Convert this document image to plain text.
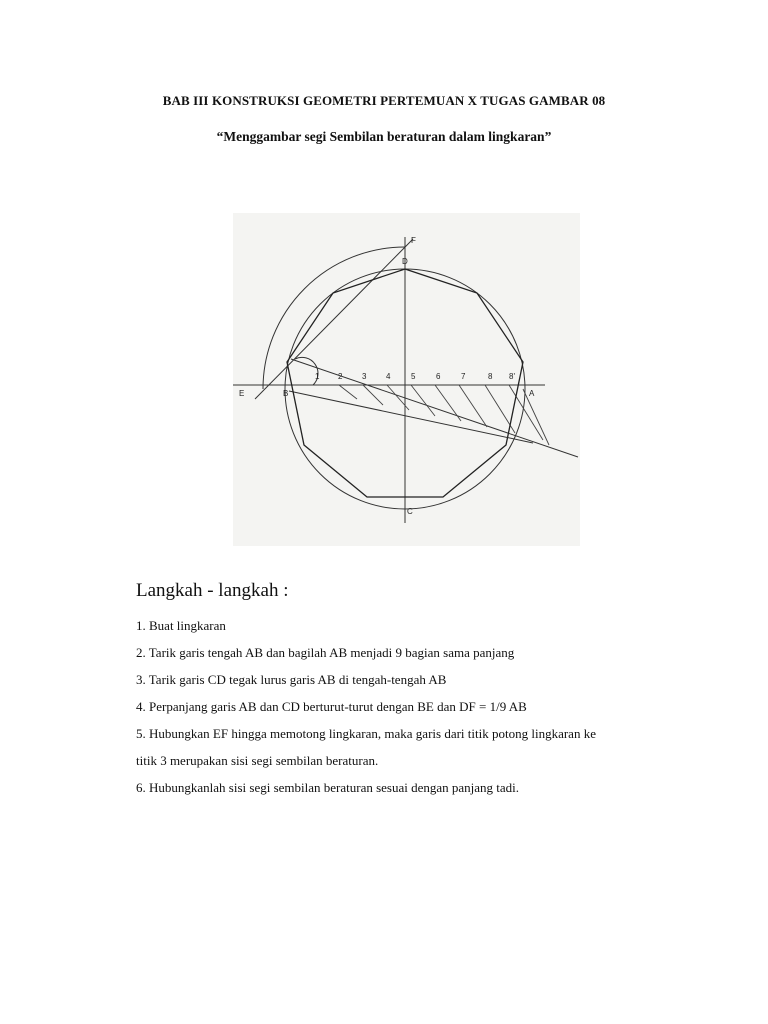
BAB III KONSTRUKSI GEOMETRI PERTEMUAN X TUGAS GAMBAR 08
“Menggambar segi Sembilan beraturan dalam lingkaran”
F
D
E	B	A
C
1 2 3 4	5	6	7	8 8'
Langkah - langkah :

1. Buat lingkaran

2. Tarik garis tengah AB dan bagilah AB menjadi 9 bagian sama panjang

3. Tarik garis CD tegak lurus garis AB di tengah-tengah AB

4. Perpanjang garis AB dan CD berturut-turut dengan BE dan DF = 1/9 AB

5. Hubungkan EF hingga memotong lingkaran, maka garis dari titik potong lingkaran ke

titik 3 merupakan sisi segi sembilan beraturan.

6. Hubungkanlah sisi segi sembilan beraturan sesuai dengan panjang tadi.
